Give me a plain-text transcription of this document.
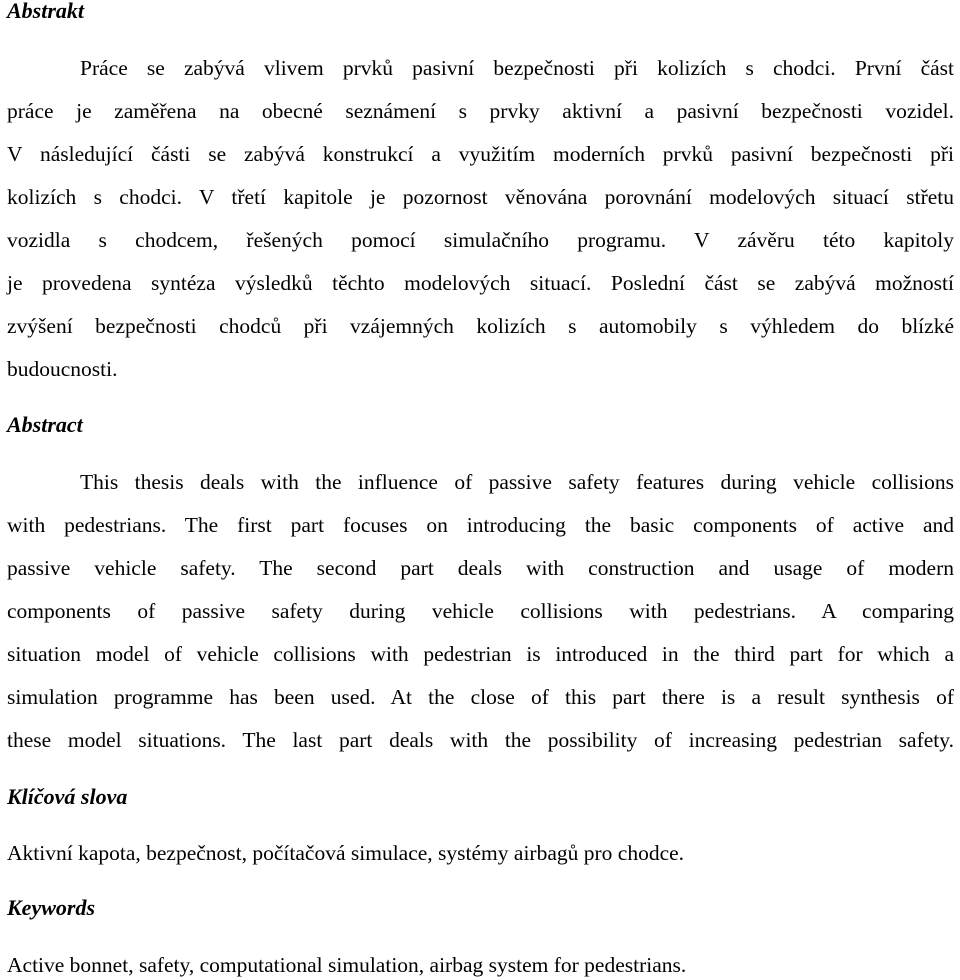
Abstrakt

Práce se zabývá vlivem prvků pasivní bezpečnosti při kolizích s chodci. První část

práce je zaměřena na obecné seznámení s prvky aktivní a pasivní bezpečnosti vozidel.

V následující části se zabývá konstrukcí a využitím moderních prvků pasivní bezpečnosti při

kolizích s chodci. V třetí kapitole je pozornost věnována porovnání modelových situací střetu

vozidla s chodcem, řešených pomocí simulačního programu. V závěru této kapitoly

je provedena syntéza výsledků těchto modelových situací. Poslední část se zabývá možností

zvýšení bezpečnosti chodců při vzájemných kolizích s automobily s výhledem do blízké

budoucnosti.

Abstract

This thesis deals with the influence of passive safety features during vehicle collisions

with pedestrians. The first part focuses on introducing the basic components of active and

passive vehicle safety. The second part deals with construction and usage of modern

components of passive safety during vehicle collisions with pedestrians. A comparing

situation model of vehicle collisions with pedestrian is introduced in the third part for which a

simulation programme has been used. At the close of this part there is a result synthesis of

these model situations. The last part deals with the possibility of increasing pedestrian safety.

Klíčová slova

Aktivní kapota, bezpečnost, počítačová simulace, systémy airbagů pro chodce.

Keywords

Active bonnet, safety, computational simulation, airbag system for pedestrians.
